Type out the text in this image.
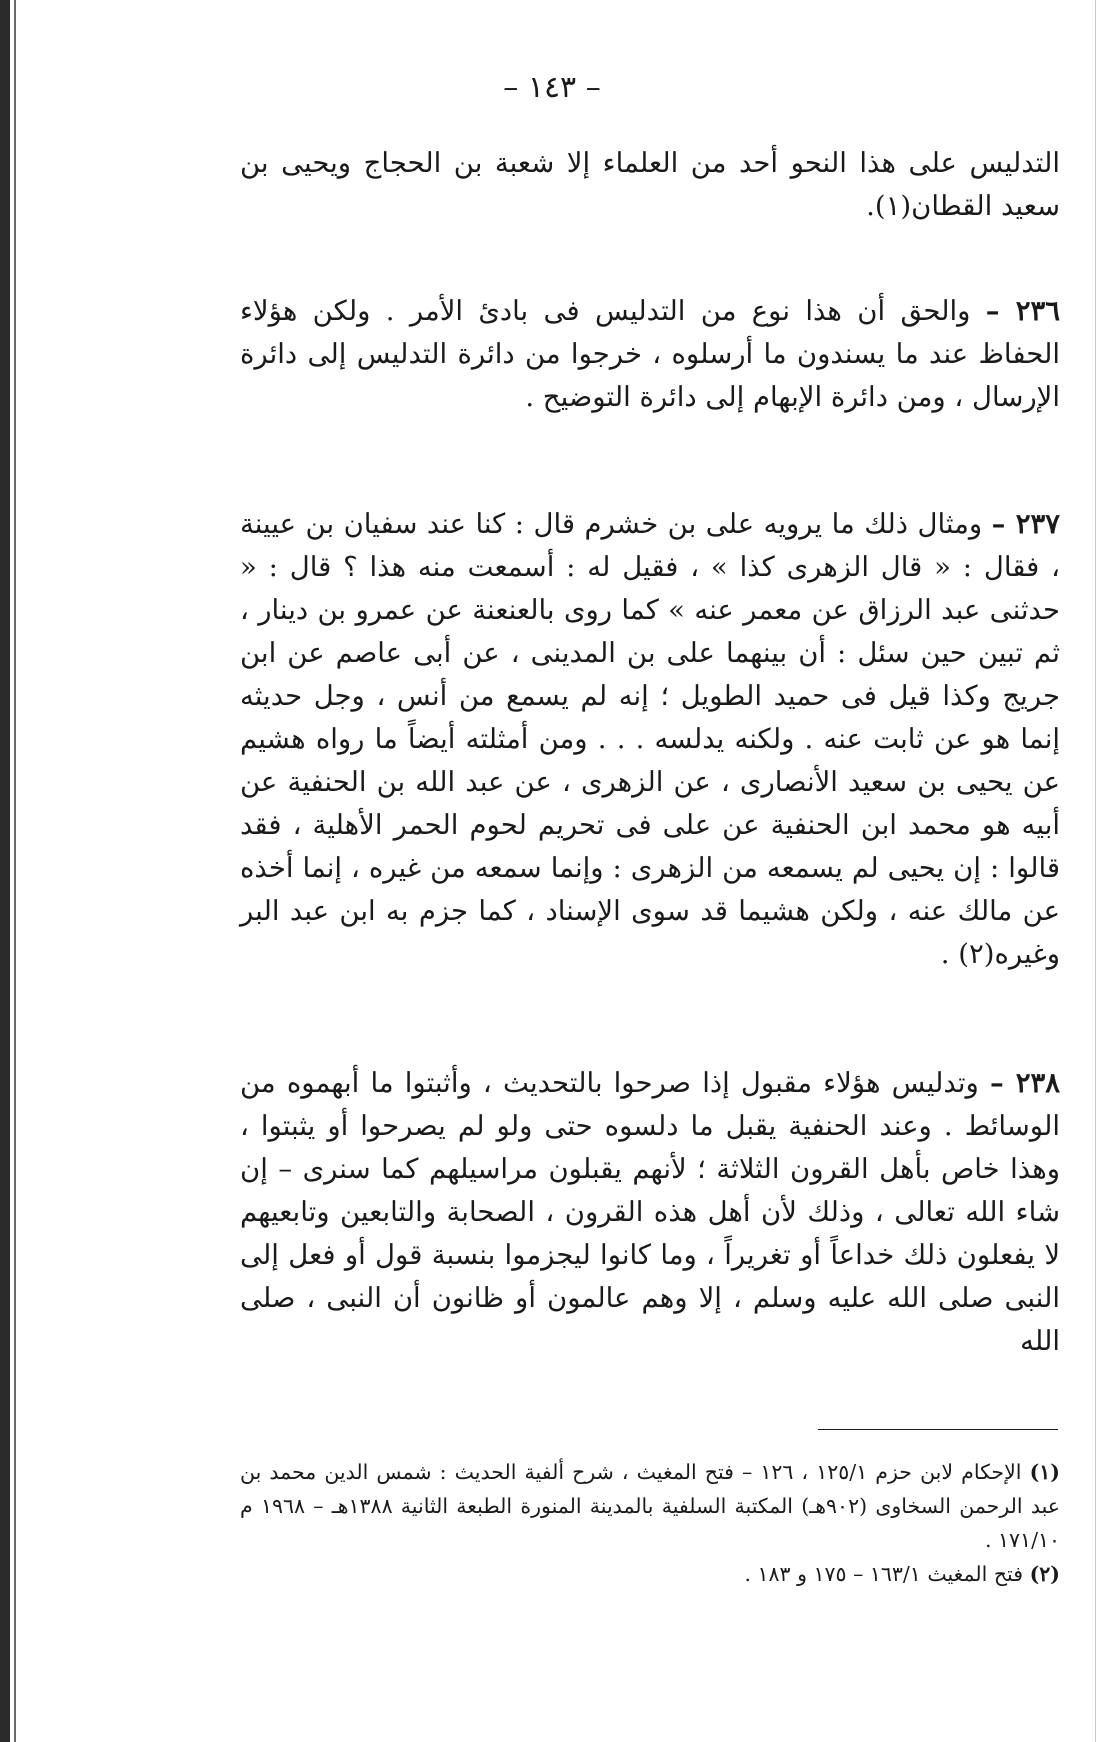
– ١٤٣ –

التدليس على هذا النحو أحد من العلماء إلا شعبة بن الحجاج ويحيى بن سعيد القطان(١).

٢٣٦ – والحق أن هذا نوع من التدليس فى بادئ الأمر . ولكن هؤلاء الحفاظ عند ما يسندون ما أرسلوه ، خرجوا من دائرة التدليس إلى دائرة الإرسال ، ومن دائرة الإبهام إلى دائرة التوضيح .

٢٣٧ – ومثال ذلك ما يرويه على بن خشرم قال : كنا عند سفيان بن عيينة ، فقال : « قال الزهرى كذا » ، فقيل له : أسمعت منه هذا ؟ قال : « حدثنى عبد الرزاق عن معمر عنه » كما روى بالعنعنة عن عمرو بن دينار ، ثم تبين حين سئل : أن بينهما على بن المدينى ، عن أبى عاصم عن ابن جريج وكذا قيل فى حميد الطويل ؛ إنه لم يسمع من أنس ، وجل حديثه إنما هو عن ثابت عنه . ولكنه يدلسه . . . ومن أمثلته أيضاً ما رواه هشيم عن يحيى بن سعيد الأنصارى ، عن الزهرى ، عن عبد الله بن الحنفية عن أبيه هو محمد ابن الحنفية عن على فى تحريم لحوم الحمر الأهلية ، فقد قالوا : إن يحيى لم يسمعه من الزهرى : وإنما سمعه من غيره ، إنما أخذه عن مالك عنه ، ولكن هشيما قد سوى الإسناد ، كما جزم به ابن عبد البر وغيره(٢) .

٢٣٨ – وتدليس هؤلاء مقبول إذا صرحوا بالتحديث ، وأثبتوا ما أبهموه من الوسائط . وعند الحنفية يقبل ما دلسوه حتى ولو لم يصرحوا أو يثبتوا ، وهذا خاص بأهل القرون الثلاثة ؛ لأنهم يقبلون مراسيلهم كما سنرى – إن شاء الله تعالى ، وذلك لأن أهل هذه القرون ، الصحابة والتابعين وتابعيهم لا يفعلون ذلك خداعاً أو تغريراً ، وما كانوا ليجزموا بنسبة قول أو فعل إلى النبى صلى الله عليه وسلم ، إلا وهم عالمون أو ظانون أن النبى ، صلى الله

(١) الإحكام لابن حزم ١٢٥/١ ، ١٢٦ – فتح المغيث ، شرح ألفية الحديث : شمس الدين محمد بن عبد الرحمن السخاوى (٩٠٢هـ) المكتبة السلفية بالمدينة المنورة الطبعة الثانية ١٣٨٨هـ – ١٩٦٨ م ١٧١/١٠ .

(٢) فتح المغيث ١٦٣/١ – ١٧٥ و ١٨٣ .
